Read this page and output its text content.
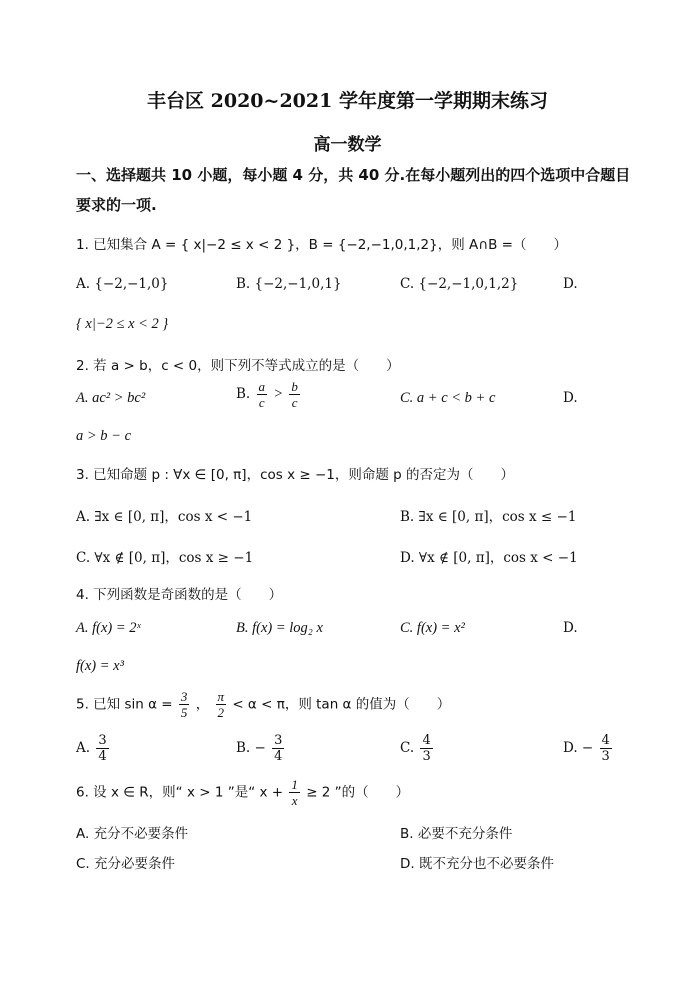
丰台区 2020~2021 学年度第一学期期末练习
高一数学
一、选择题共 10 小题，每小题 4 分，共 40 分.在每小题列出的四个选项中合题目要求的一项.
1. 已知集合 A = { x|−2 ≤ x < 2 }，B = {−2,−1,0,1,2}，则 A∩B =（　　）
A. {−2,−1,0}	B. {−2,−1,0,1}	C. {−2,−1,0,1,2}	D.
{ x|−2 ≤ x < 2 }
2. 若 a > b，c < 0，则下列不等式成立的是（　　）
A. ac² > bc²	B. $\frac{a}{c} > \frac{b}{c}$	C. a + c < b + c	D.
a > b − c
3. 已知命题 p : ∀x ∈ [0, π]，cos x ≥ −1，则命题 p 的否定为（　　）
A. ∃x ∈ [0, π]，cos x < −1	B. ∃x ∈ [0, π]，cos x ≤ −1
C. ∀x ∉ [0, π]，cos x ≥ −1	D. ∀x ∉ [0, π]，cos x < −1
4. 下列函数是奇函数的是（　　）
A. f(x) = 2ˣ	B. f(x) = log₂ x	C. f(x) = x²	D.
f(x) = x³
5. 已知 $\sin \alpha = \frac{3}{5}$ ， $\frac{\pi}{2} < \alpha < \pi$，则 tan α 的值为（　　）
A. $\frac{3}{4}$	B. − $\frac{3}{4}$	C. $\frac{4}{3}$	D. − $\frac{4}{3}$
6. 设 x ∈ R，则“ x > 1 ”是“ $x + \frac{1}{x} \ge 2$ ”的（　　）
A. 充分不必要条件	B. 必要不充分条件
C. 充分必要条件	D. 既不充分也不必要条件
